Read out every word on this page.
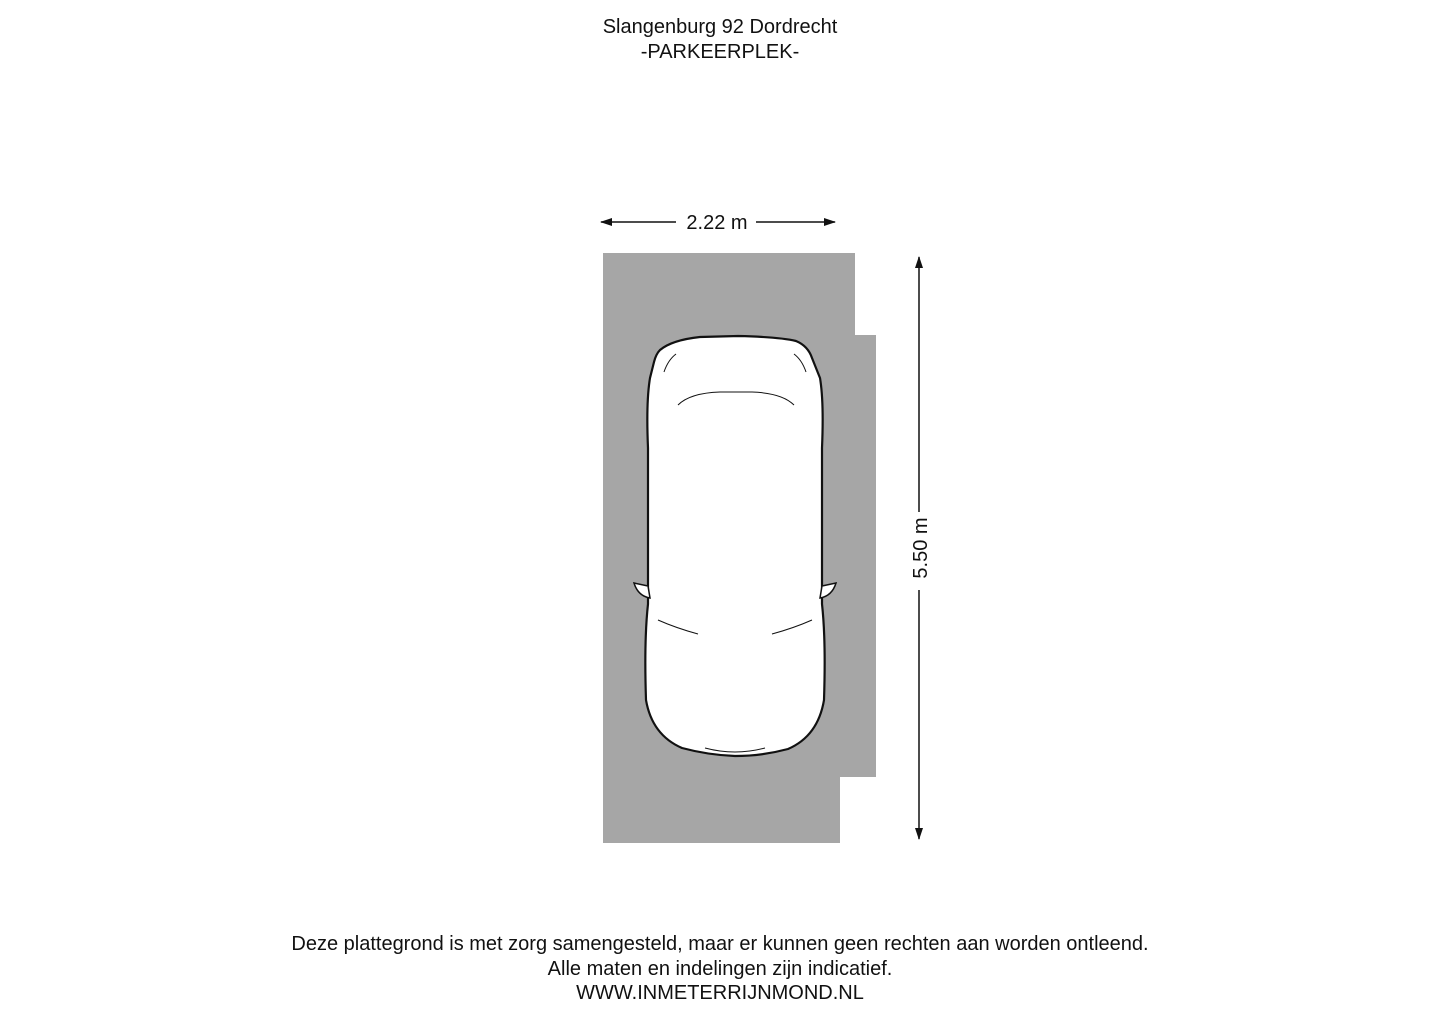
Slangenburg 92 Dordrecht
-PARKEERPLEK-
2.22 m
5.50 m
Deze plattegrond is met zorg samengesteld, maar er kunnen geen rechten aan worden ontleend.
Alle maten en indelingen zijn indicatief.
WWW.INMETERRIJNMOND.NL
